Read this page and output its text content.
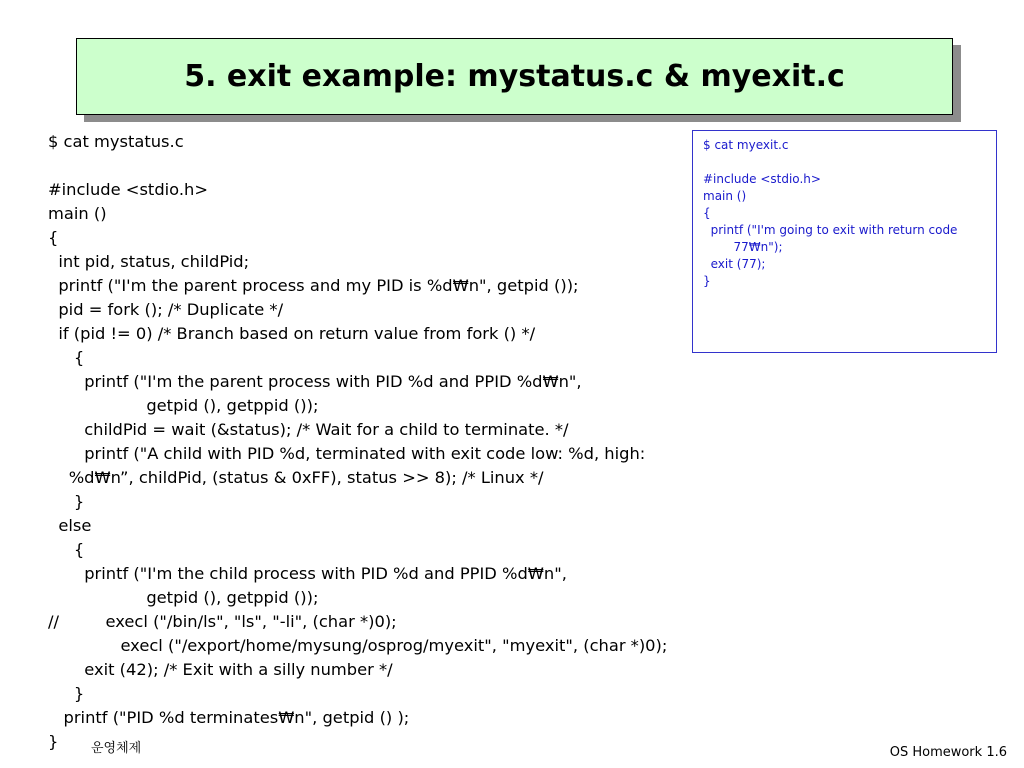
5. exit example: mystatus.c & myexit.c
$ cat mystatus.c
#include <stdio.h>
main ()
{
int pid, status, childPid;
printf ("I'm the parent process and my PID is %d₩n", getpid ());
pid = fork (); /* Duplicate */
if (pid != 0) /* Branch based on return value from fork () */
{
printf ("I'm the parent process with PID %d and PPID %d₩n",
getpid (), getppid ());
childPid = wait (&status); /* Wait for a child to terminate. */
printf ("A child with PID %d, terminated with exit code low: %d, high:
%d₩n”, childPid, (status & 0xFF), status >> 8); /* Linux */
}
else
{
printf ("I'm the child process with PID %d and PPID %d₩n",
getpid (), getppid ());
//         execl ("/bin/ls", "ls", "-li", (char *)0);
execl ("/export/home/mysung/osprog/myexit", "myexit", (char *)0);
exit (42); /* Exit with a silly number */
}
printf ("PID %d terminates₩n", getpid () );
}
$ cat myexit.c
#include <stdio.h>
main ()
{
printf ("I'm going to exit with return code
77₩n");
exit (77);
}
운영체제	OS Homework 1.6
